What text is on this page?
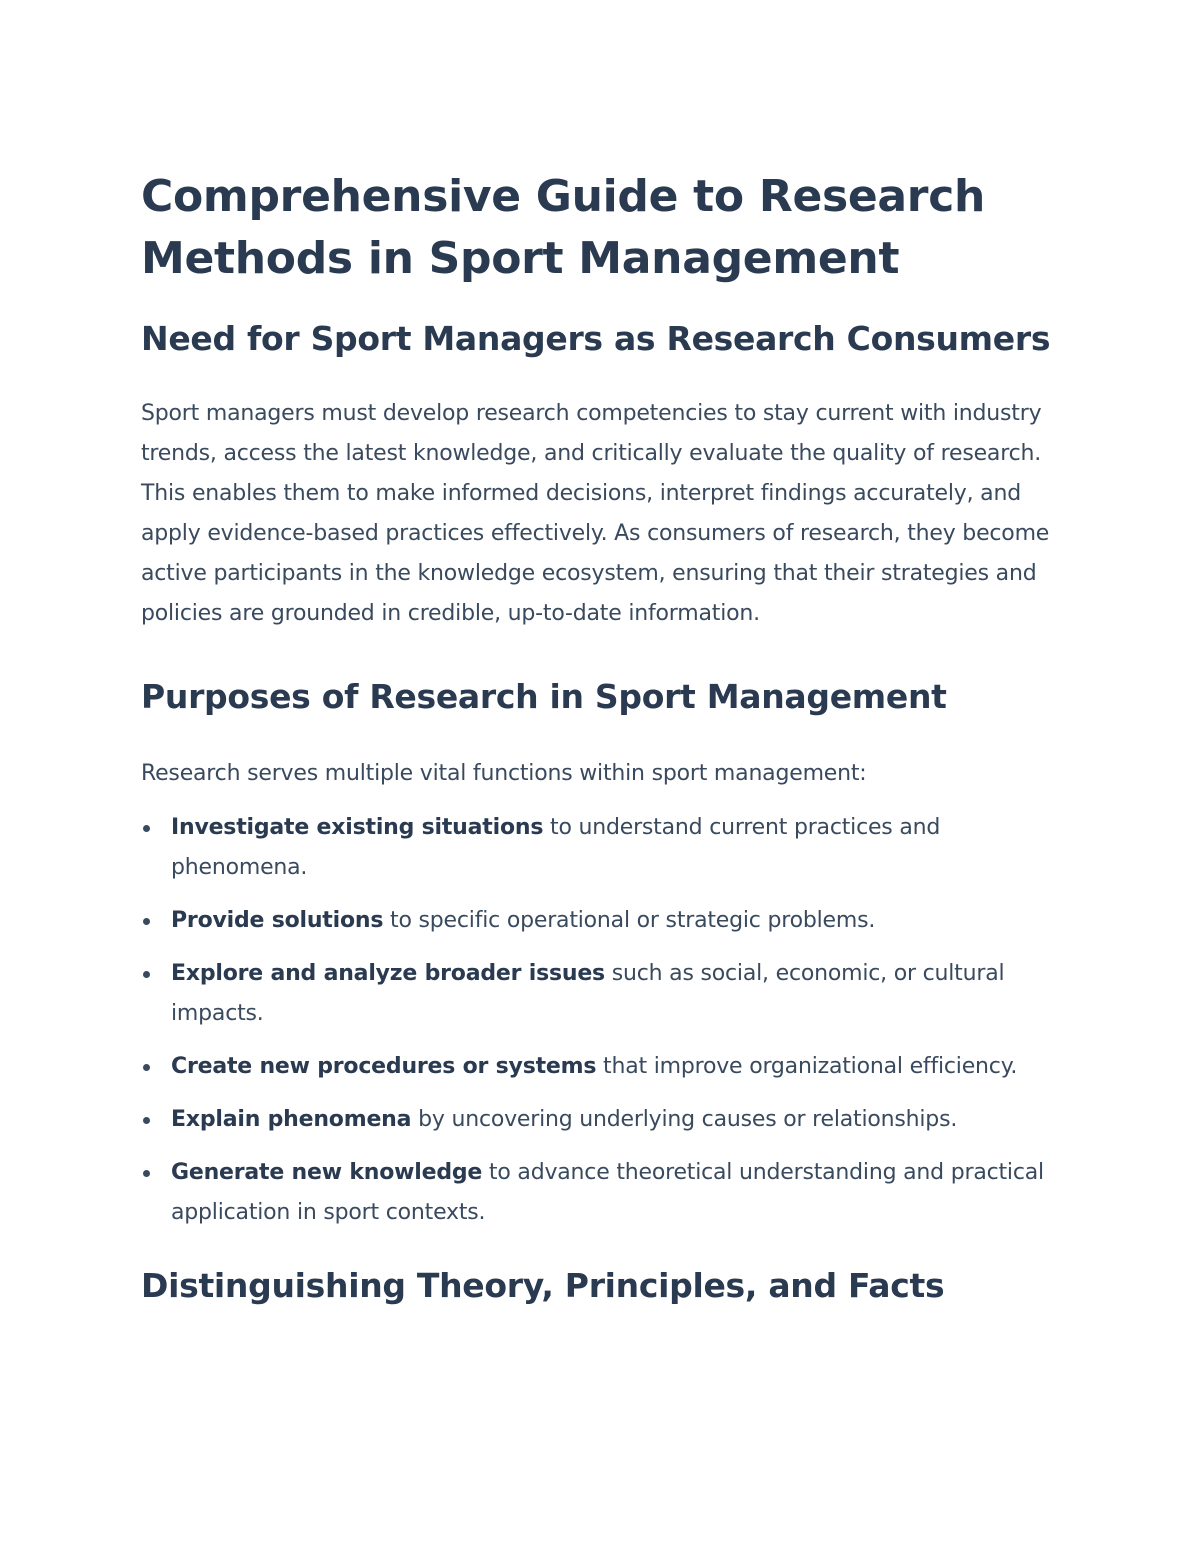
Comprehensive Guide to Research Methods in Sport Management
Need for Sport Managers as Research Consumers

Sport managers must develop research competencies to stay current with industry trends, access the latest knowledge, and critically evaluate the quality of research. This enables them to make informed decisions, interpret findings accurately, and apply evidence-based practices effectively. As consumers of research, they become active participants in the knowledge ecosystem, ensuring that their strategies and policies are grounded in credible, up-to-date information.

Purposes of Research in Sport Management

Research serves multiple vital functions within sport management:

Investigate existing situations to understand current practices and phenomena.
Provide solutions to specific operational or strategic problems.
Explore and analyze broader issues such as social, economic, or cultural impacts.
Create new procedures or systems that improve organizational efficiency.
Explain phenomena by uncovering underlying causes or relationships.
Generate new knowledge to advance theoretical understanding and practical application in sport contexts.
Distinguishing Theory, Principles, and Facts
